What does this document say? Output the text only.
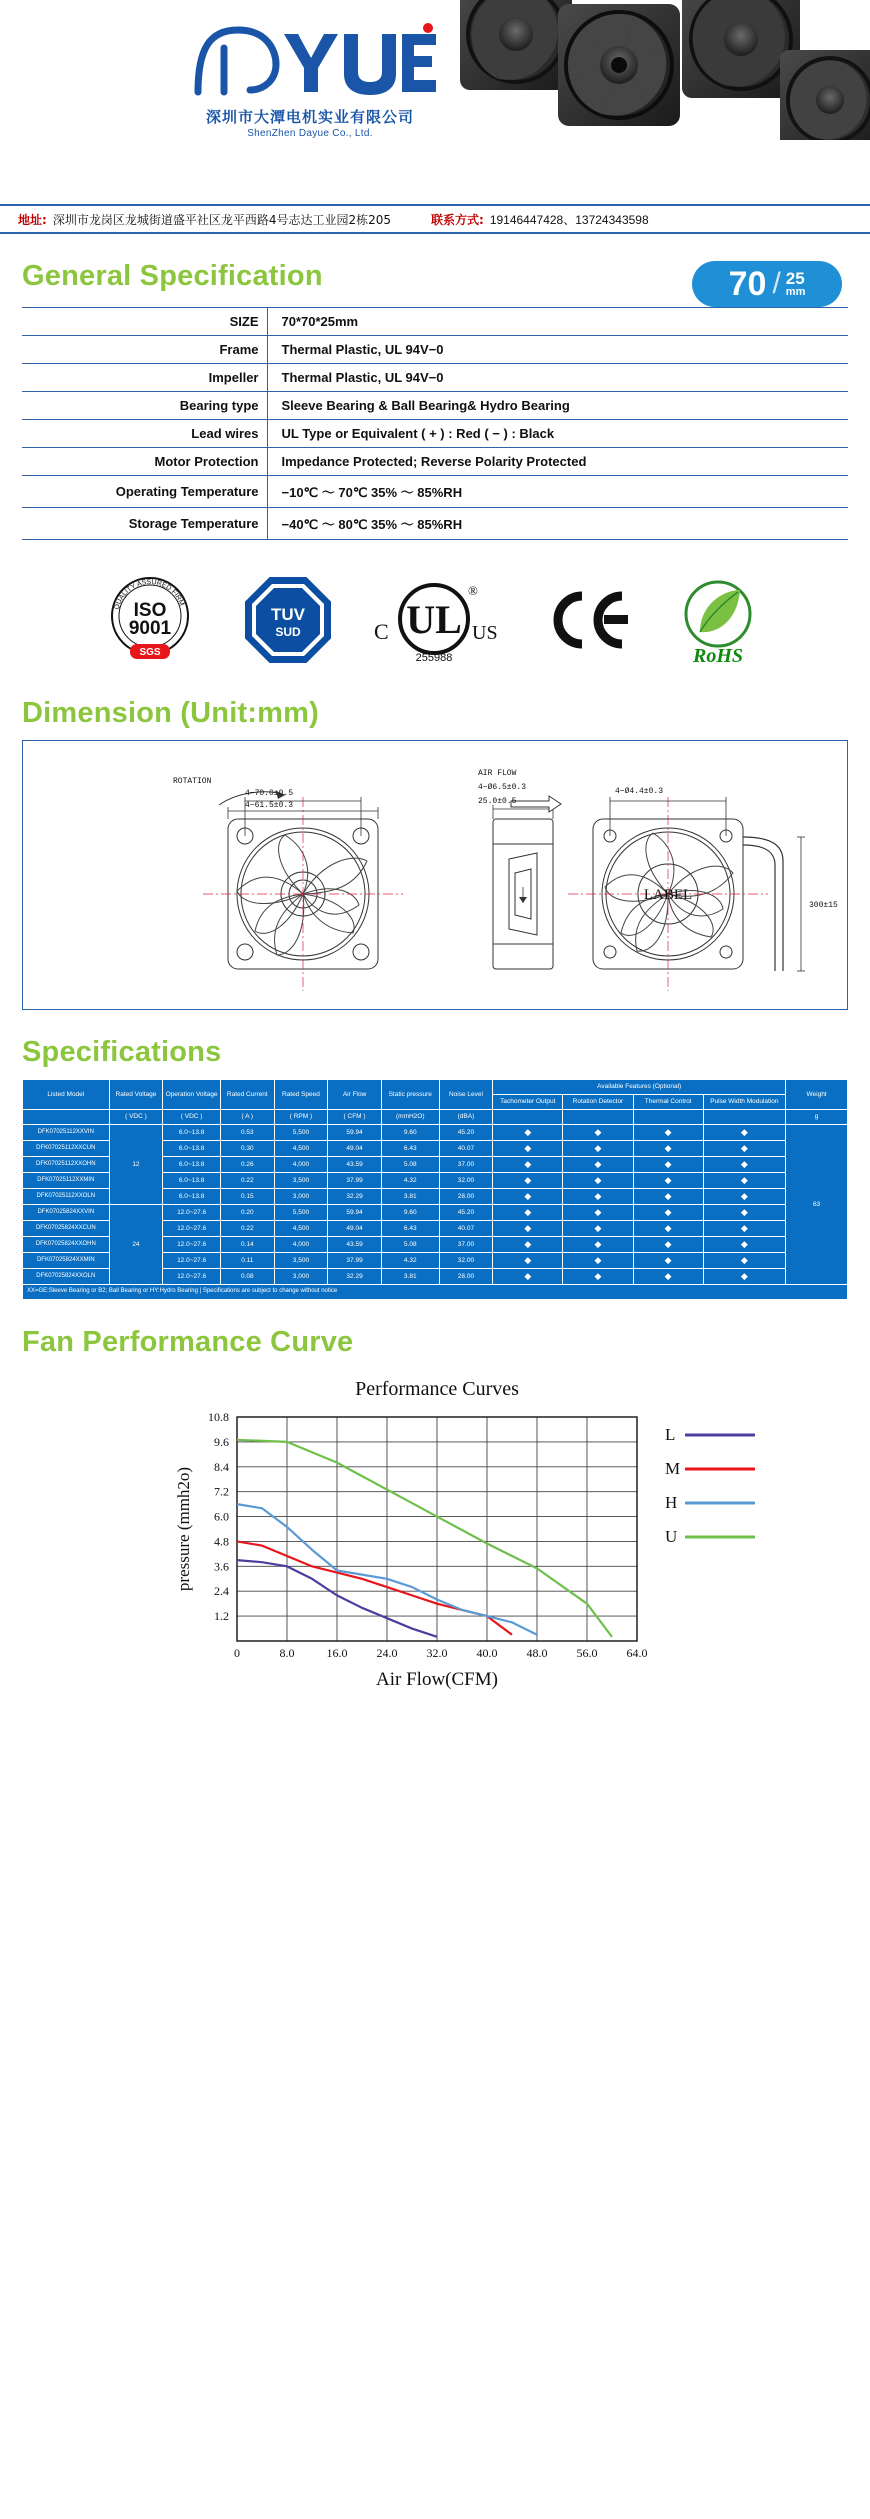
深圳市大潭电机实业有限公司
ShenZhen Dayue Co., Ltd.
地址: 深圳市龙岗区龙城街道盛平社区龙平西路4号志达工业园2栋205	联系方式: 19146447428、13724343598
General Specification	70 / 25
mm
SIZE	70*70*25mm
Frame	Thermal Plastic, UL 94V−0
Impeller	Thermal Plastic, UL 94V−0
Bearing type	Sleeve Bearing & Ball Bearing& Hydro Bearing
Lead wires	UL Type or Equivalent ( + ) : Red ( − ) : Black
Motor Protection	Impedance Protected; Reverse Polarity Protected
Operating Temperature	−10℃ ～ 70℃ 35% ～ 85%RH
Storage Temperature	−40℃ ～ 80℃ 35% ～ 85%RH
QUALITY ASSURED FIRM
ISO
9001
SGS
TUV
SUD	C UL
®
US
255988	RoHS
Dimension (Unit:mm)
ROTATION
AIR FLOW
4−70.0±0.5
4−61.5±0.3
4−Ø6.5±0.3
25.0±0.5
4−Ø4.4±0.3
300±15
LABEL
Specifications
Listed Model	Rated Voltage	Operation Voltage	Rated Current	Rated Speed	Air Flow	Static pressure	Noise Level	Available Features (Optional)				Weight
								Tachometer Output	Rotation Detector	Thermal Control	Pulse Width Modulation	
	( VDC )	( VDC )	( A )	( RPM )	( CFM )	(mmH2O)	(dBA)					g
DFK07025112XXVIN	12	6.0~13.8	0.53	5,500	59.94	9.60	45.20	◆	◆	◆	◆	63
DFK07025112XXCUN		6.0~13.8	0.30	4,500	49.04	6.43	40.07	◆	◆	◆	◆	
DFK07025112XXOHN		6.0~13.8	0.26	4,000	43.59	5.08	37.00	◆	◆	◆	◆	
DFK07025112XXMIN		6.0~13.8	0.22	3,500	37.99	4.32	32.00	◆	◆	◆	◆	
DFK07025112XXOLN		6.0~13.8	0.15	3,000	32.29	3.81	28.00	◆	◆	◆	◆	
DFK07025824XXVIN	24	12.0~27.6	0.20	5,500	59.94	9.60	45.20	◆	◆	◆	◆	
DFK07025824XXCUN		12.0~27.6	0.22	4,500	49.04	6.43	40.07	◆	◆	◆	◆	
DFK07025824XXOHN		12.0~27.6	0.14	4,000	43.59	5.08	37.00	◆	◆	◆	◆	
DFK07025824XXMIN		12.0~27.6	0.11	3,500	37.99	4.32	32.00	◆	◆	◆	◆	
DFK07025824XXOLN		12.0~27.6	0.08	3,000	32.29	3.81	28.00	◆	◆	◆	◆	
XX=GE:Sleeve Bearing or B2; Ball Bearing or HY:Hydro Bearing | Specifications are subject to change without notice												
Fan Performance Curve
Performance Curves
0	8.0	16.0 24.0 32.0 40.0 48.0 56.0 64.0
1.2
2.4
3.6
4.8
6.0
7.2
8.4
9.6
10.8
L
M
H
U
Air Flow(CFM)
pressure (mmh2o)
